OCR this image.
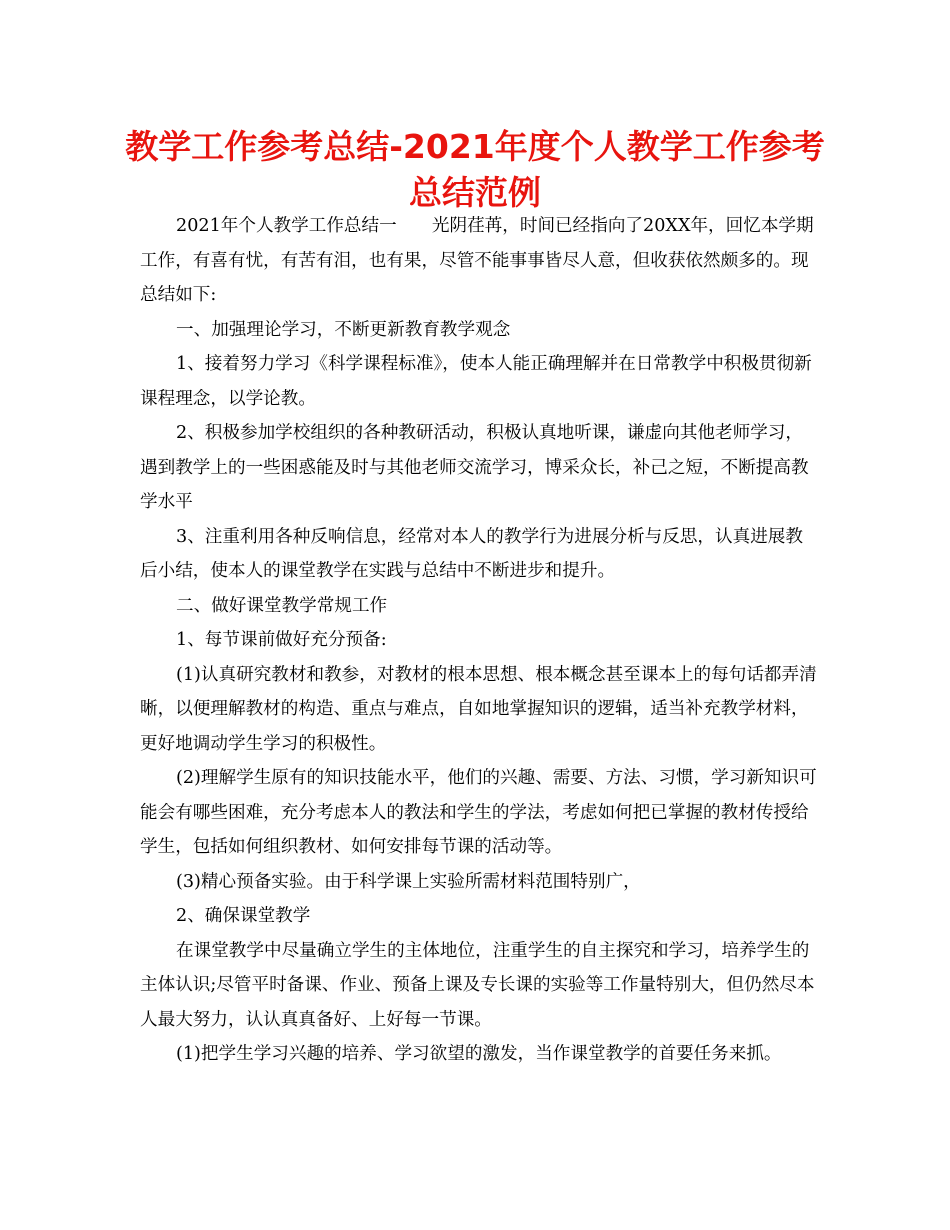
教学工作参考总结-2021年度个人教学工作参考
总结范例

2021年个人教学工作总结一　　光阴荏苒，时间已经指向了20XX年，回忆本学期工作，有喜有忧，有苦有泪，也有果，尽管不能事事皆尽人意，但收获依然颇多的。现总结如下:

一、加强理论学习，不断更新教育教学观念

1、接着努力学习《科学课程标准》，使本人能正确理解并在日常教学中积极贯彻新课程理念，以学论教。

2、积极参加学校组织的各种教研活动，积极认真地听课，谦虚向其他老师学习，遇到教学上的一些困惑能及时与其他老师交流学习，博采众长，补己之短，不断提高教学水平

3、注重利用各种反响信息，经常对本人的教学行为进展分析与反思，认真进展教后小结，使本人的课堂教学在实践与总结中不断进步和提升。

二、做好课堂教学常规工作

1、每节课前做好充分预备:

(1)认真研究教材和教参，对教材的根本思想、根本概念甚至课本上的每句话都弄清晰，以便理解教材的构造、重点与难点，自如地掌握知识的逻辑，适当补充教学材料，更好地调动学生学习的积极性。

(2)理解学生原有的知识技能水平，他们的兴趣、需要、方法、习惯，学习新知识可能会有哪些困难，充分考虑本人的教法和学生的学法，考虑如何把已掌握的教材传授给学生，包括如何组织教材、如何安排每节课的活动等。

(3)精心预备实验。由于科学课上实验所需材料范围特别广，

2、确保课堂教学

在课堂教学中尽量确立学生的主体地位，注重学生的自主探究和学习，培养学生的主体认识;尽管平时备课、作业、预备上课及专长课的实验等工作量特别大，但仍然尽本人最大努力，认认真真备好、上好每一节课。

(1)把学生学习兴趣的培养、学习欲望的激发，当作课堂教学的首要任务来抓。
